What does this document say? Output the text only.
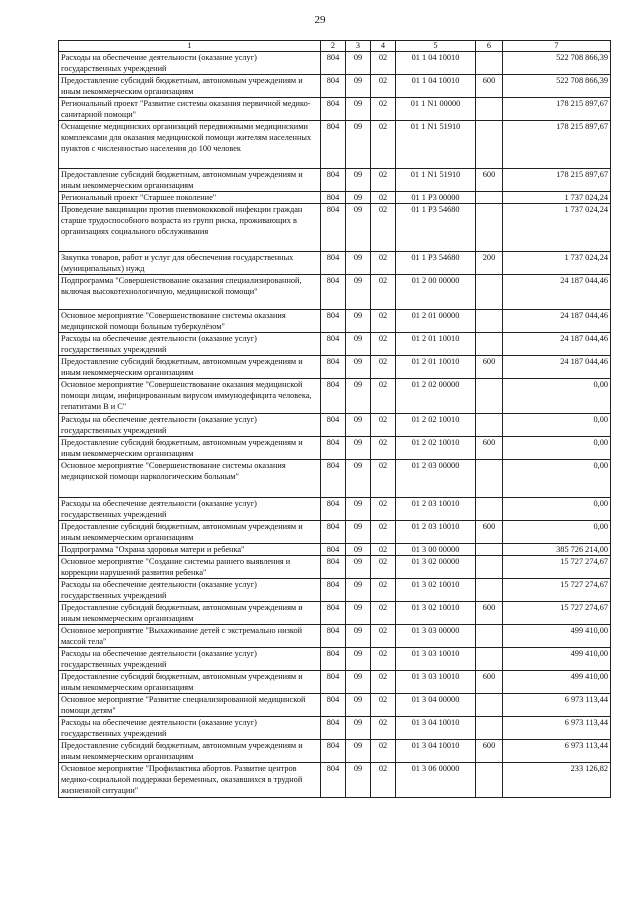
29
1	2	3	4	5	6	7
Расходы на обеспечение деятельности (оказание услуг) государственных учреждений	804	09	02	01 1 04 10010		522 708 866,39
Предоставление субсидий бюджетным, автономным учреждениям и иным некоммерческим организациям	804	09	02	01 1 04 10010	600	522 708 866,39
Региональный проект "Развитие системы оказания первичной медико-санитарной помощи"	804	09	02	01 1 N1 00000		178 215 897,67
Оснащение медицинских организаций передвижными медицинскими комплексами для оказания медицинской помощи жителям населенных пунктов с численностью населения до 100 человек	804	09	02	01 1 N1 51910		178 215 897,67
Предоставление субсидий бюджетным, автономным учреждениям и иным некоммерческим организациям	804	09	02	01 1 N1 51910	600	178 215 897,67
Региональный проект "Старшее поколение"	804	09	02	01 1 P3 00000		1 737 024,24
Проведение вакцинации против пневмококковой инфекции граждан старше трудоспособного возраста из групп риска, проживающих в организациях социального обслуживания	804	09	02	01 1 P3 54680		1 737 024,24
Закупка товаров, работ и услуг для обеспечения государственных (муниципальных) нужд	804	09	02	01 1 P3 54680	200	1 737 024,24
Подпрограмма "Совершенствование оказания специализированной, включая высокотехнологичную, медицинской помощи"	804	09	02	01 2 00 00000		24 187 044,46
Основное мероприятие "Совершенствование системы оказания медицинской помощи больным туберкулёзом"	804	09	02	01 2 01 00000		24 187 044,46
Расходы на обеспечение деятельности (оказание услуг) государственных учреждений	804	09	02	01 2 01 10010		24 187 044,46
Предоставление субсидий бюджетным, автономным учреждениям и иным некоммерческим организациям	804	09	02	01 2 01 10010	600	24 187 044,46
Основное мероприятие "Совершенствование оказания медицинской помощи лицам, инфицированным вирусом иммунодефицита человека, гепатитами В и С"	804	09	02	01 2 02 00000		0,00
Расходы на обеспечение деятельности (оказание услуг) государственных учреждений	804	09	02	01 2 02 10010		0,00
Предоставление субсидий бюджетным, автономным учреждениям и иным некоммерческим организациям	804	09	02	01 2 02 10010	600	0,00
Основное мероприятие "Совершенствование системы оказания медицинской помощи наркологическим больным"	804	09	02	01 2 03 00000		0,00
Расходы на обеспечение деятельности (оказание услуг) государственных учреждений	804	09	02	01 2 03 10010		0,00
Предоставление субсидий бюджетным, автономным учреждениям и иным некоммерческим организациям	804	09	02	01 2 03 10010	600	0,00
Подпрограмма "Охрана здоровья матери и ребенка"	804	09	02	01 3 00 00000		385 726 214,00
Основное мероприятие "Создание системы раннего выявления и коррекции нарушений развития ребенка"	804	09	02	01 3 02 00000		15 727 274,67
Расходы на обеспечение деятельности (оказание услуг) государственных учреждений	804	09	02	01 3 02 10010		15 727 274,67
Предоставление субсидий бюджетным, автономным учреждениям и иным некоммерческим организациям	804	09	02	01 3 02 10010	600	15 727 274,67
Основное мероприятие "Выхаживание детей с экстремально низкой массой тела"	804	09	02	01 3 03 00000		499 410,00
Расходы на обеспечение деятельности (оказание услуг) государственных учреждений	804	09	02	01 3 03 10010		499 410,00
Предоставление субсидий бюджетным, автономным учреждениям и иным некоммерческим организациям	804	09	02	01 3 03 10010	600	499 410,00
Основное мероприятие "Развитие специализированной медицинской помощи детям"	804	09	02	01 3 04 00000		6 973 113,44
Расходы на обеспечение деятельности (оказание услуг) государственных учреждений	804	09	02	01 3 04 10010		6 973 113,44
Предоставление субсидий бюджетным, автономным учреждениям и иным некоммерческим организациям	804	09	02	01 3 04 10010	600	6 973 113,44
Основное мероприятие "Профилактика абортов. Развитие центров медико-социальной поддержки беременных, оказавшихся в трудной жизненной ситуации"	804	09	02	01 3 06 00000		233 126,82
